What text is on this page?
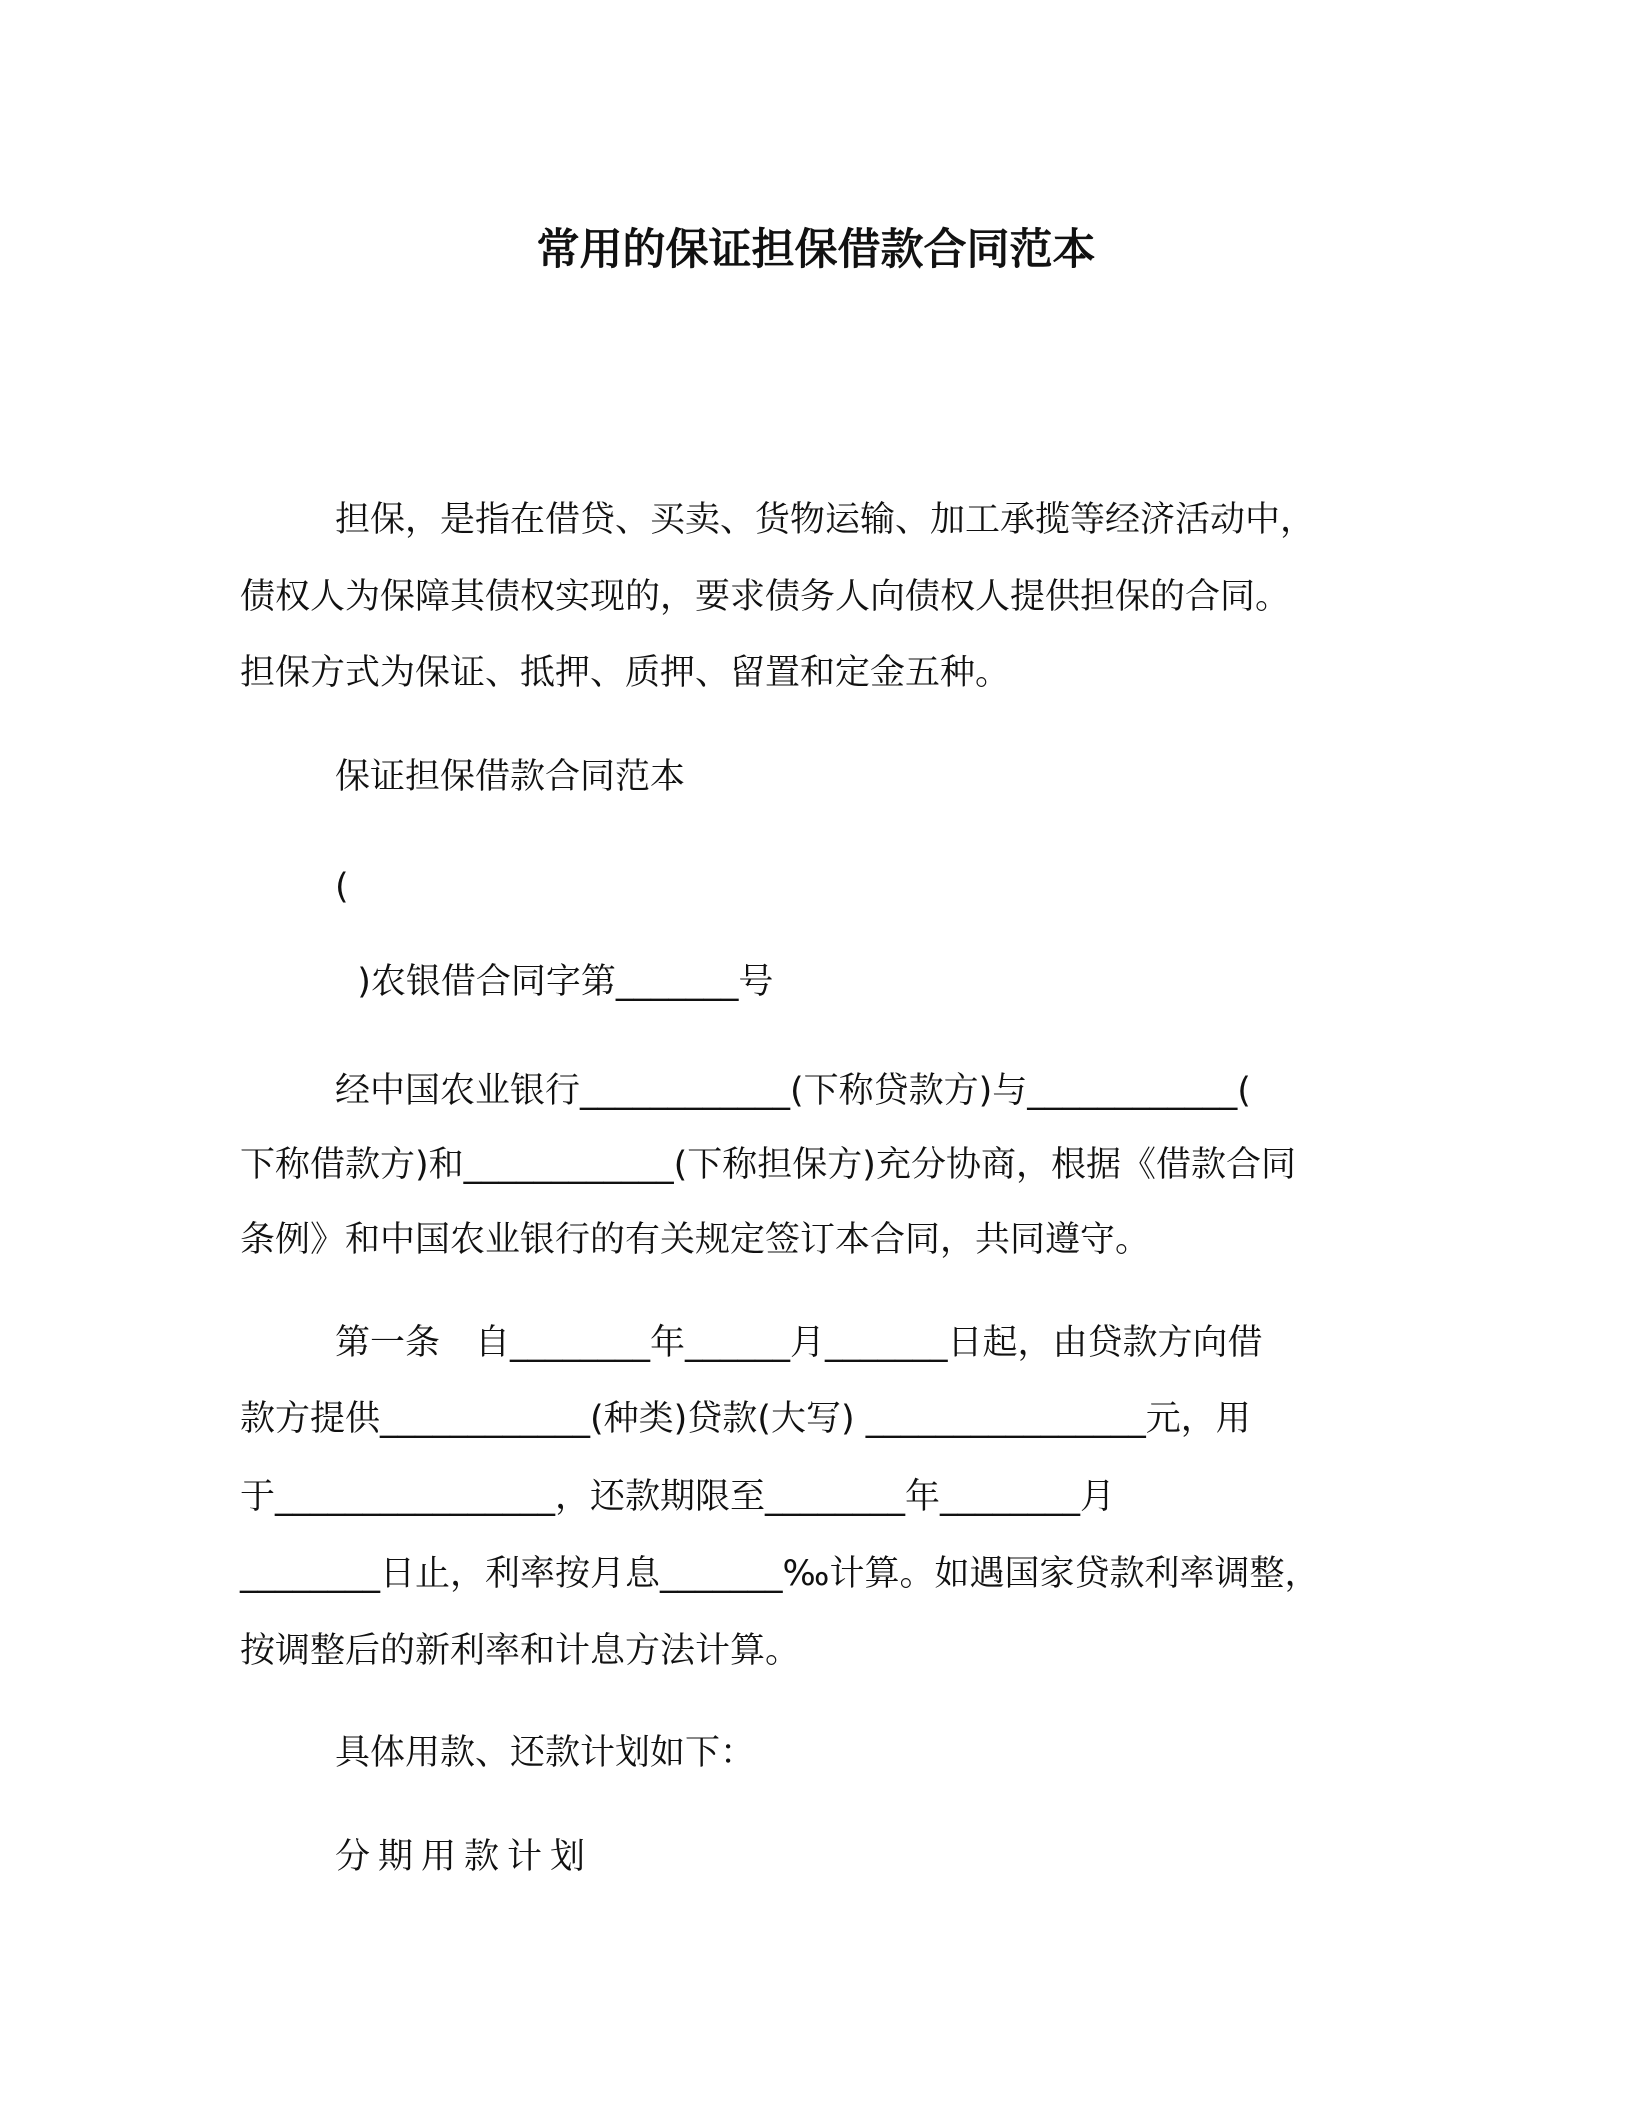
常用的保证担保借款合同范本
担保，是指在借贷、买卖、货物运输、加工承揽等经济活动中，
债权人为保障其债权实现的，要求债务人向债权人提供担保的合同。
担保方式为保证、抵押、质押、留置和定金五种。
保证担保借款合同范本
(
)农银借合同字第_______号
经中国农业银行____________(下称贷款方)与____________(
下称借款方)和____________(下称担保方)充分协商，根据《借款合同
条例》和中国农业银行的有关规定签订本合同，共同遵守。
第一条　自________年______月_______日起，由贷款方向借
款方提供____________(种类)贷款(大写) ________________元，用
于________________，还款期限至________年________月
________日止，利率按月息_______‰计算。如遇国家贷款利率调整，
按调整后的新利率和计息方法计算。
具体用款、还款计划如下：
分期用款计划
